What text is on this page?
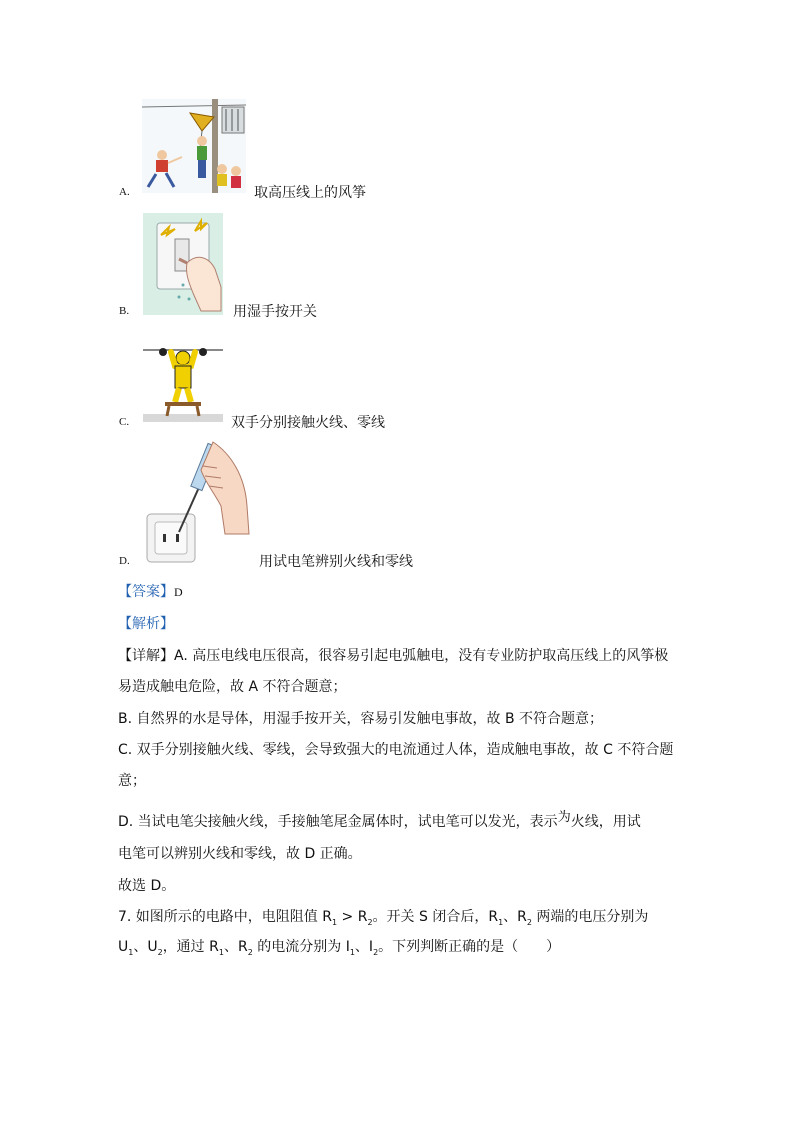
A.	取高压线上的风筝
B.	用湿手按开关
C.	双手分别接触火线、零线
D.	用试电笔辨别火线和零线
【答案】D
【解析】
【详解】A. 高压电线电压很高，很容易引起电弧触电，没有专业防护取高压线上的风筝极
易造成触电危险，故 A 不符合题意；
B. 自然界的水是导体，用湿手按开关，容易引发触电事故，故 B 不符合题意；
C. 双手分别接触火线、零线，会导致强大的电流通过人体，造成触电事故，故 C 不符合题
意；
D. 当试电笔尖接触火线，手接触笔尾金属体时，试电笔可以发光，表示为火线，用试
电笔可以辨别火线和零线，故 D 正确。
故选 D。
7. 如图所示的电路中，电阻阻值 $R_1 > R_2$。开关 S 闭合后，$R_1$、$R_2$ 两端的电压分别为
$U_1$、$U_2$，通过 $R_1$、$R_2$ 的电流分别为 $I_1$、$I_2$。下列判断正确的是（　　）
